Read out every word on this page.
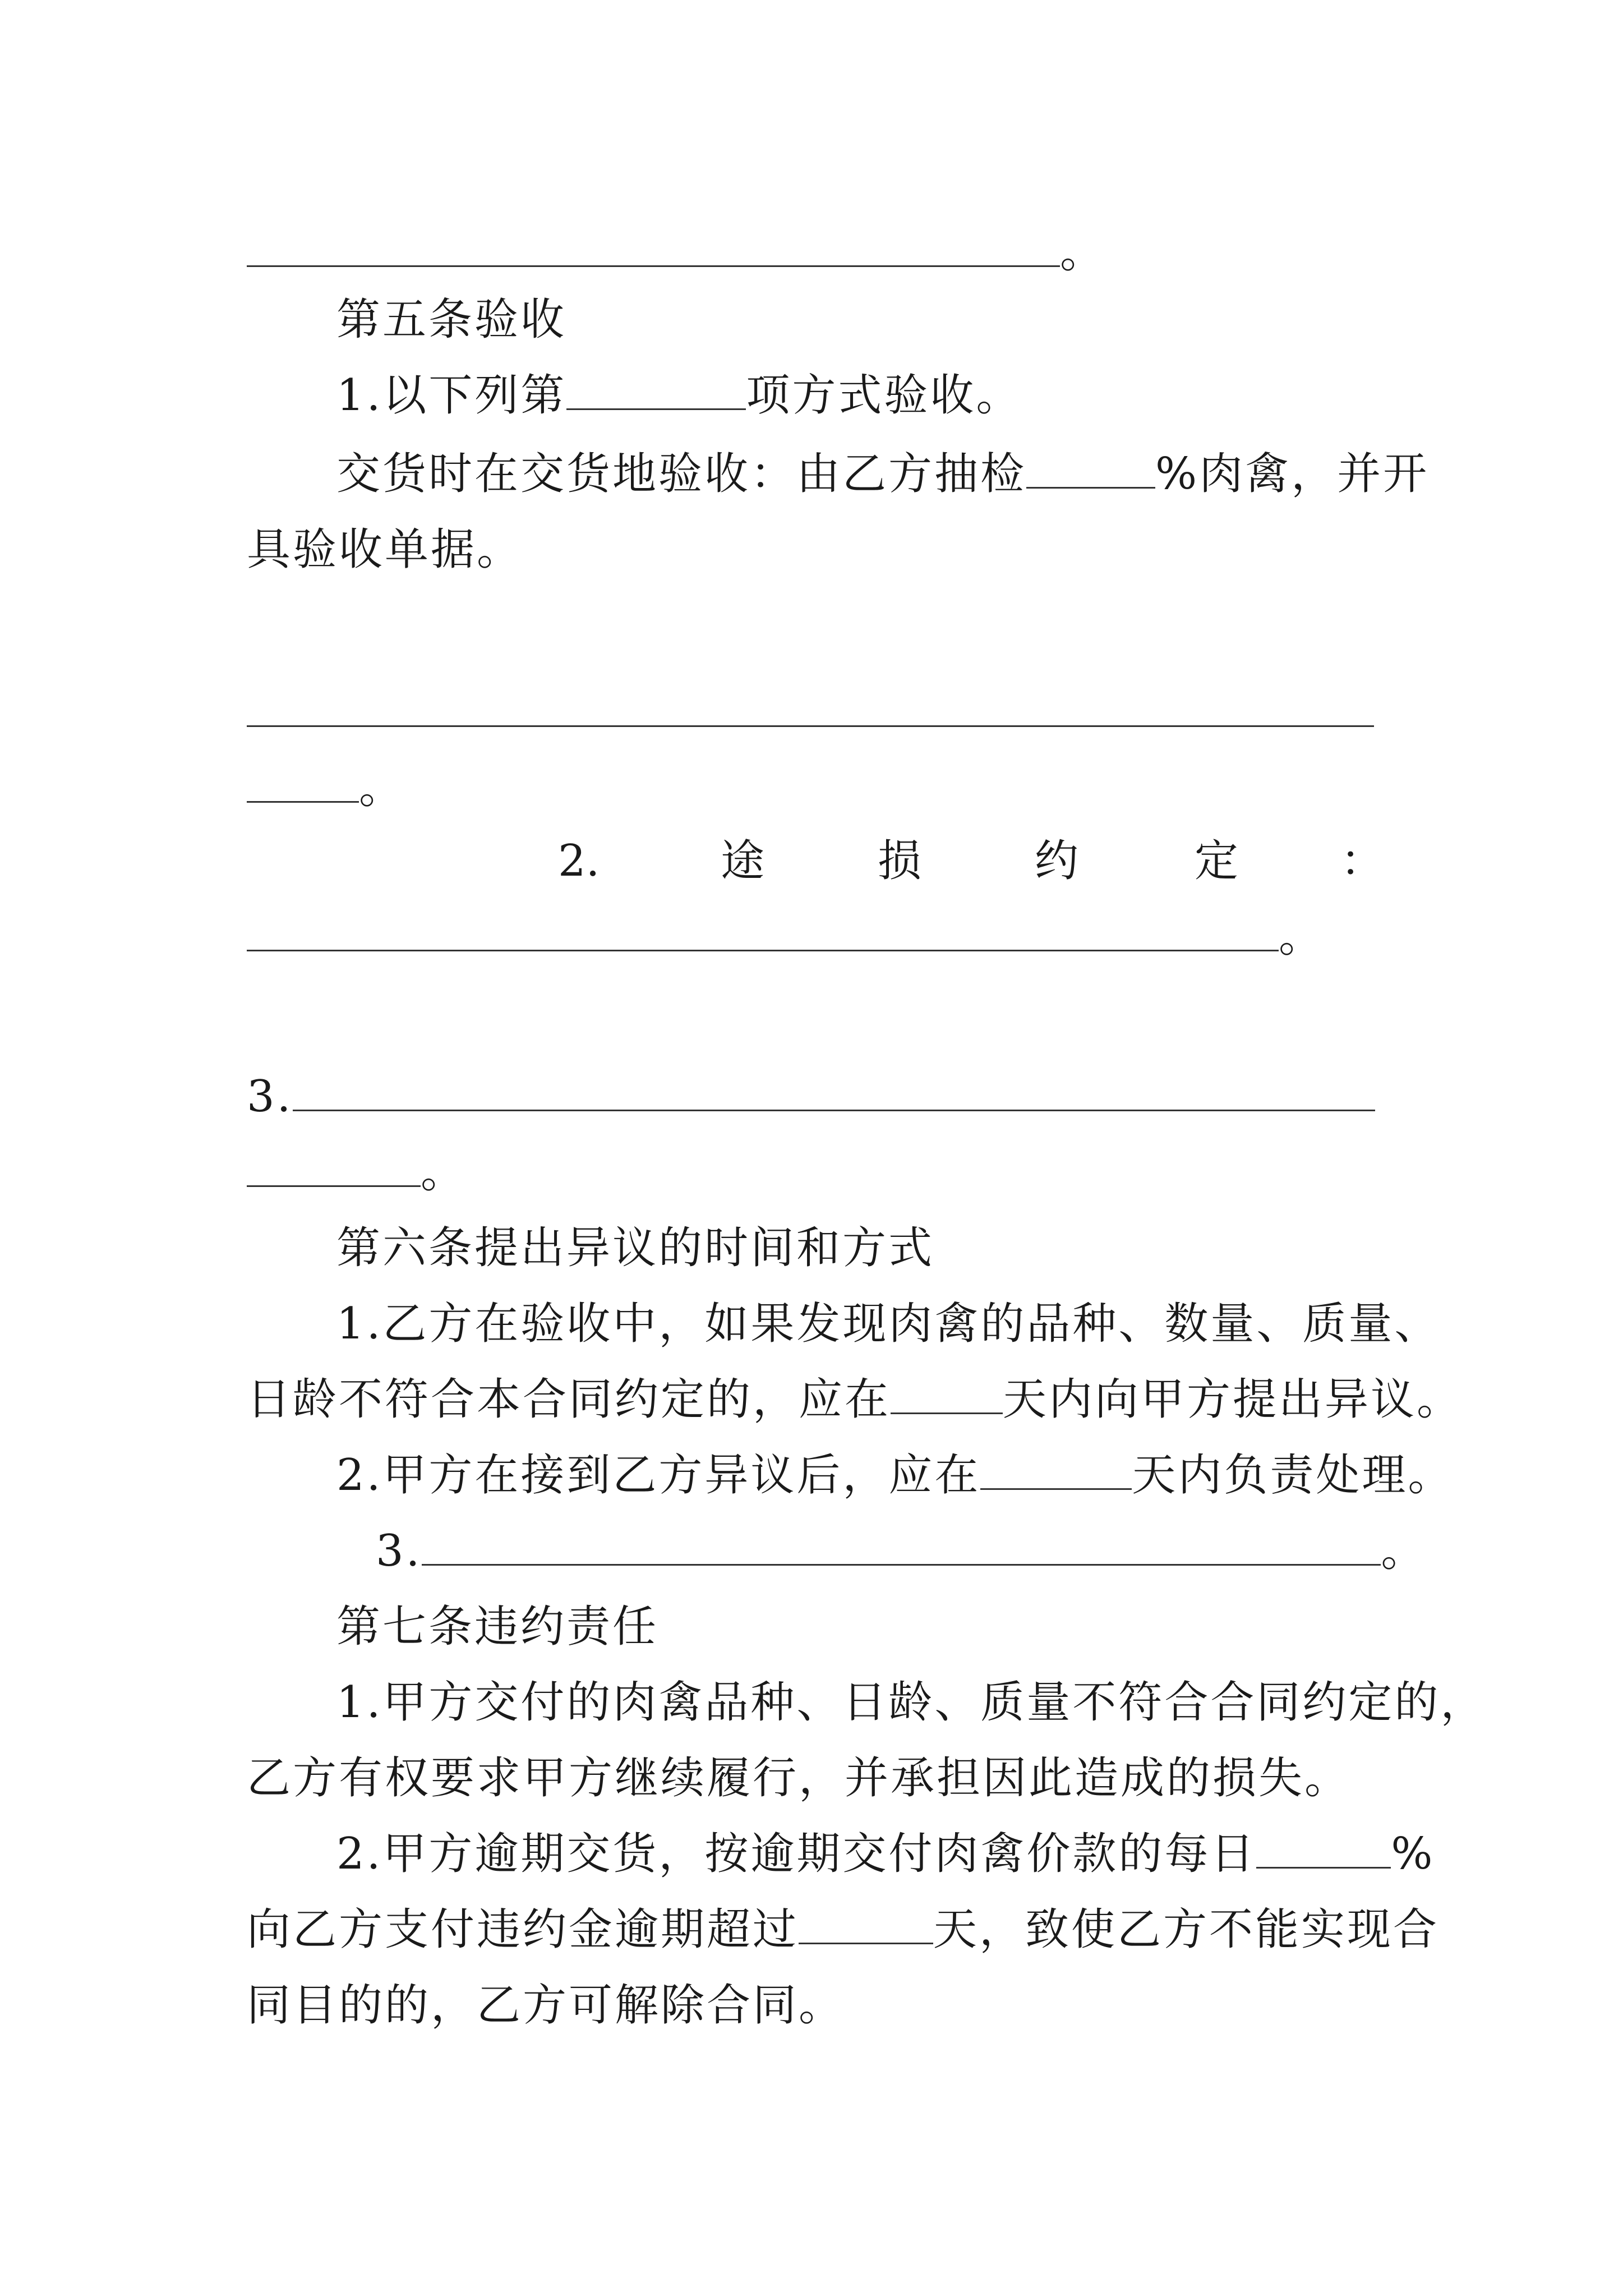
。
第五条验收
1.以下列第	项方式验收。
交货时在交货地验收：由乙方抽检	%肉禽，并开
具验收单据。
。
2.	途	损	约	定 ：
。
3.
。
第六条提出异议的时间和方式
1.乙方在验收中，如果发现肉禽的品种、数量、质量、
日龄不符合本合同约定的，应在	天内向甲方提出异议。
2.甲方在接到乙方异议后，应在	天内负责处理。
3.	。
第七条违约责任
1.甲方交付的肉禽品种、日龄、质量不符合合同约定的，
乙方有权要求甲方继续履行，并承担因此造成的损失。
2.甲方逾期交货，按逾期交付肉禽价款的每日	%
向乙方支付违约金逾期超过	天，致使乙方不能实现合
同目的的，乙方可解除合同。
